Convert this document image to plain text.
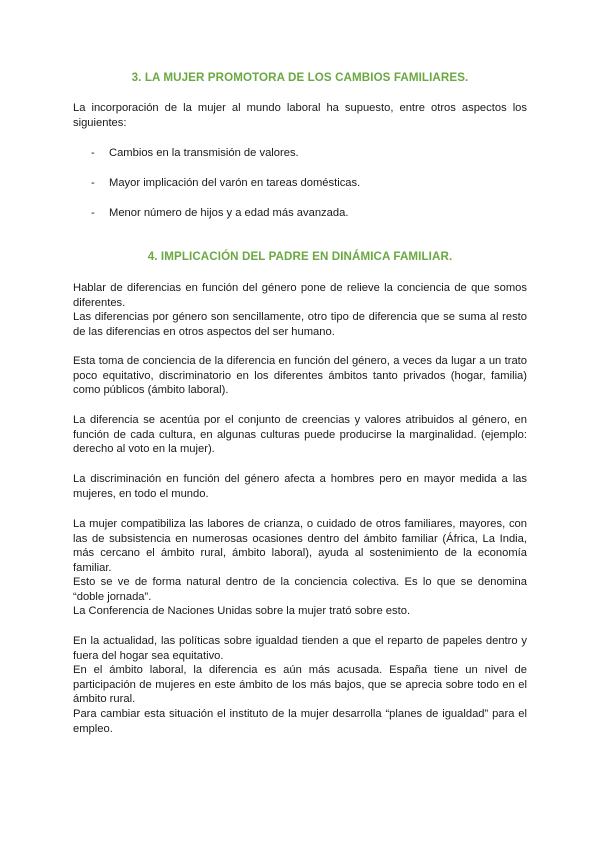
3. LA MUJER PROMOTORA DE LOS CAMBIOS FAMILIARES.

La incorporación de la mujer al mundo laboral ha supuesto, entre otros aspectos los siguientes:

- Cambios en la transmisión de valores.
- Mayor implicación del varón en tareas domésticas.
- Menor número de hijos y a edad más avanzada.
4. IMPLICACIÓN DEL PADRE EN DINÁMICA FAMILIAR.

Hablar de diferencias en función del género pone de relieve la conciencia de que somos diferentes.

Las diferencias por género son sencillamente, otro tipo de diferencia que se suma al resto de las diferencias en otros aspectos del ser humano.

Esta toma de conciencia de la diferencia en función del género, a veces da lugar a un trato poco equitativo, discriminatorio en los diferentes ámbitos tanto privados (hogar, familia) como públicos (ámbito laboral).

La diferencia se acentúa por el conjunto de creencias y valores atribuidos al género, en función de cada cultura, en algunas culturas puede producirse la marginalidad. (ejemplo: derecho al voto en la mujer).

La discriminación en función del género afecta a hombres pero en mayor medida a las mujeres, en todo el mundo.

La mujer compatibiliza las labores de crianza, o cuidado de otros familiares, mayores, con las de subsistencia en numerosas ocasiones dentro del ámbito familiar (África, La India, más cercano el ámbito rural, ámbito laboral), ayuda al sostenimiento de la economía familiar.

Esto se ve de forma natural dentro de la conciencia colectiva. Es lo que se denomina “doble jornada”.

La Conferencia de Naciones Unidas sobre la mujer trató sobre esto.

En la actualidad, las políticas sobre igualdad tienden a que el reparto de papeles dentro y fuera del hogar sea equitativo.

En el ámbito laboral, la diferencia es aún más acusada. España tiene un nivel de participación de mujeres en este ámbito de los más bajos, que se aprecia sobre todo en el ámbito rural.

Para cambiar esta situación el instituto de la mujer desarrolla “planes de igualdad” para el empleo.
